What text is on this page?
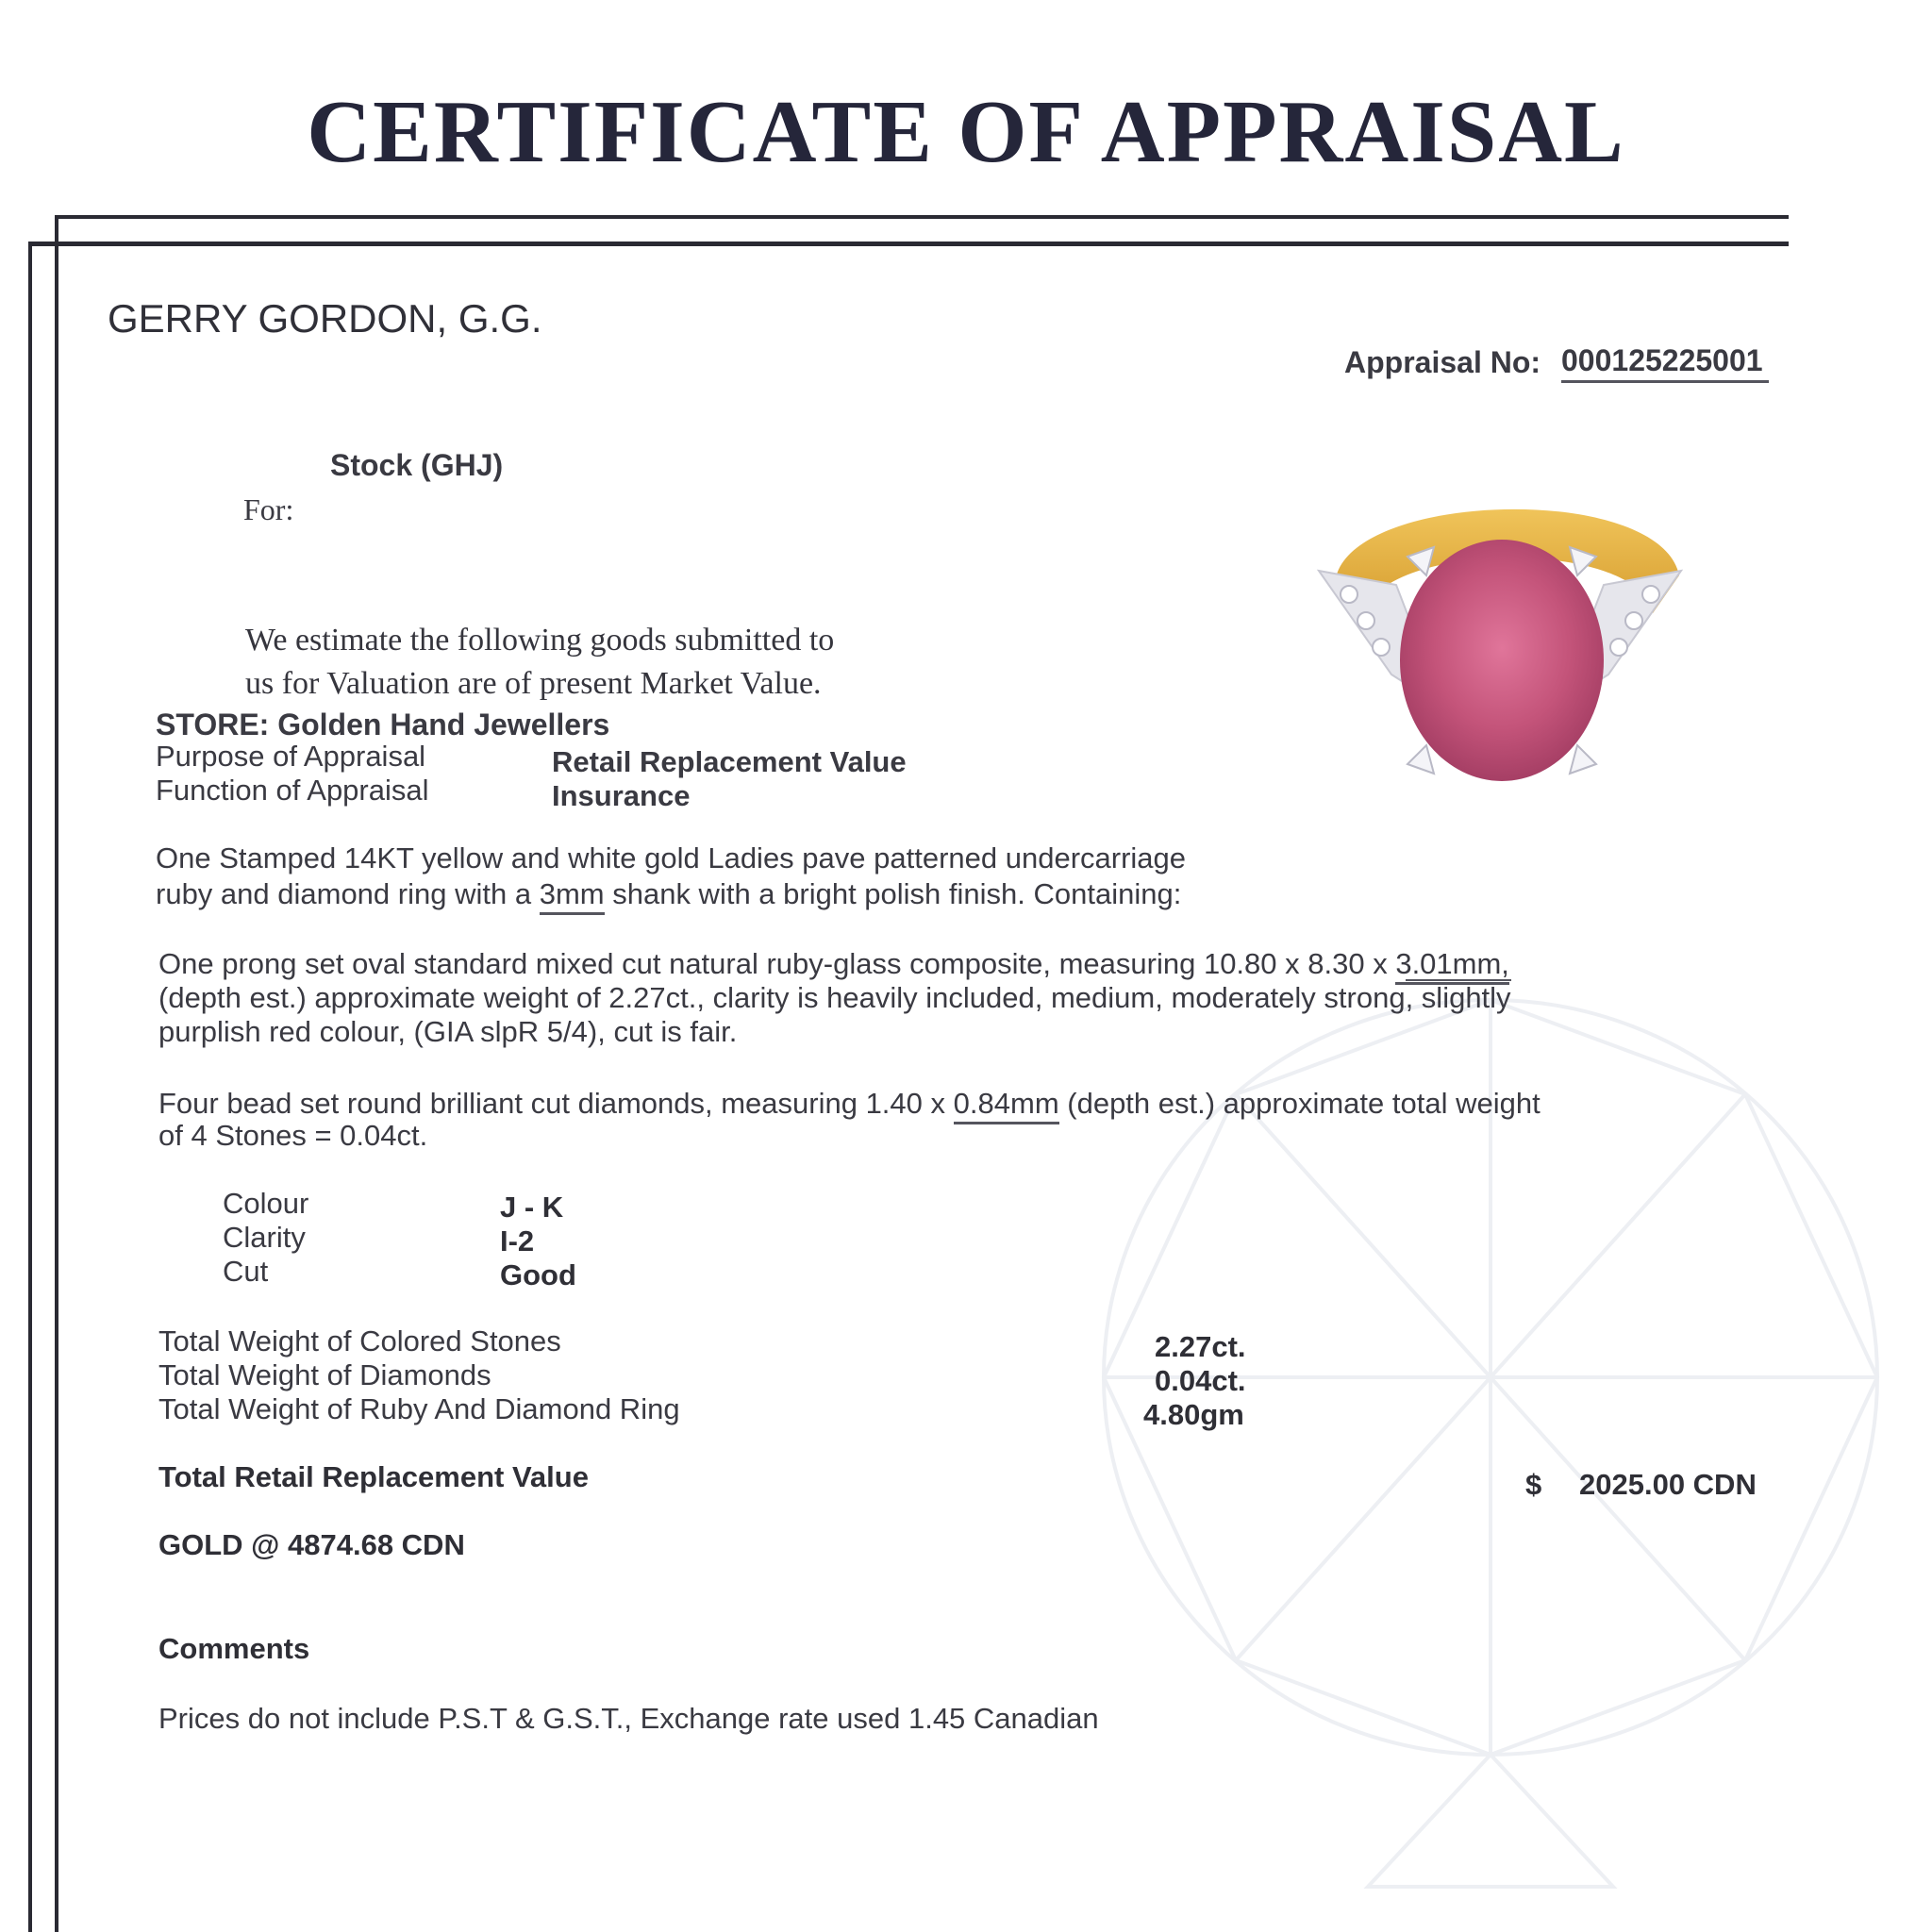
CERTIFICATE OF APPRAISAL
GERRY GORDON, G.G.
Appraisal No: 000125225001
Stock (GHJ)
For:
We estimate the following goods submitted to
us for Valuation are of present Market Value.
STORE: Golden Hand Jewellers
Purpose of Appraisal	Retail Replacement Value
Function of Appraisal	Insurance
One Stamped 14KT yellow and white gold Ladies pave patterned undercarriage
ruby and diamond ring with a 3mm shank with a bright polish finish. Containing:
One prong set oval standard mixed cut natural ruby-glass composite, measuring 10.80 x 8.30 x 3.01mm,
(depth est.) approximate weight of 2.27ct., clarity is heavily included, medium, moderately strong, slightly
purplish red colour, (GIA slpR 5/4), cut is fair.
Four bead set round brilliant cut diamonds, measuring 1.40 x 0.84mm (depth est.) approximate total weight
of 4 Stones = 0.04ct.
Colour	J - K
Clarity	I-2
Cut	Good
Total Weight of Colored Stones	2.27ct.
Total Weight of Diamonds	0.04ct.
Total Weight of Ruby And Diamond Ring	4.80gm
Total Retail Replacement Value	$ 2025.00 CDN
GOLD @ 4874.68 CDN
Comments
Prices do not include P.S.T & G.S.T., Exchange rate used 1.45 Canadian
